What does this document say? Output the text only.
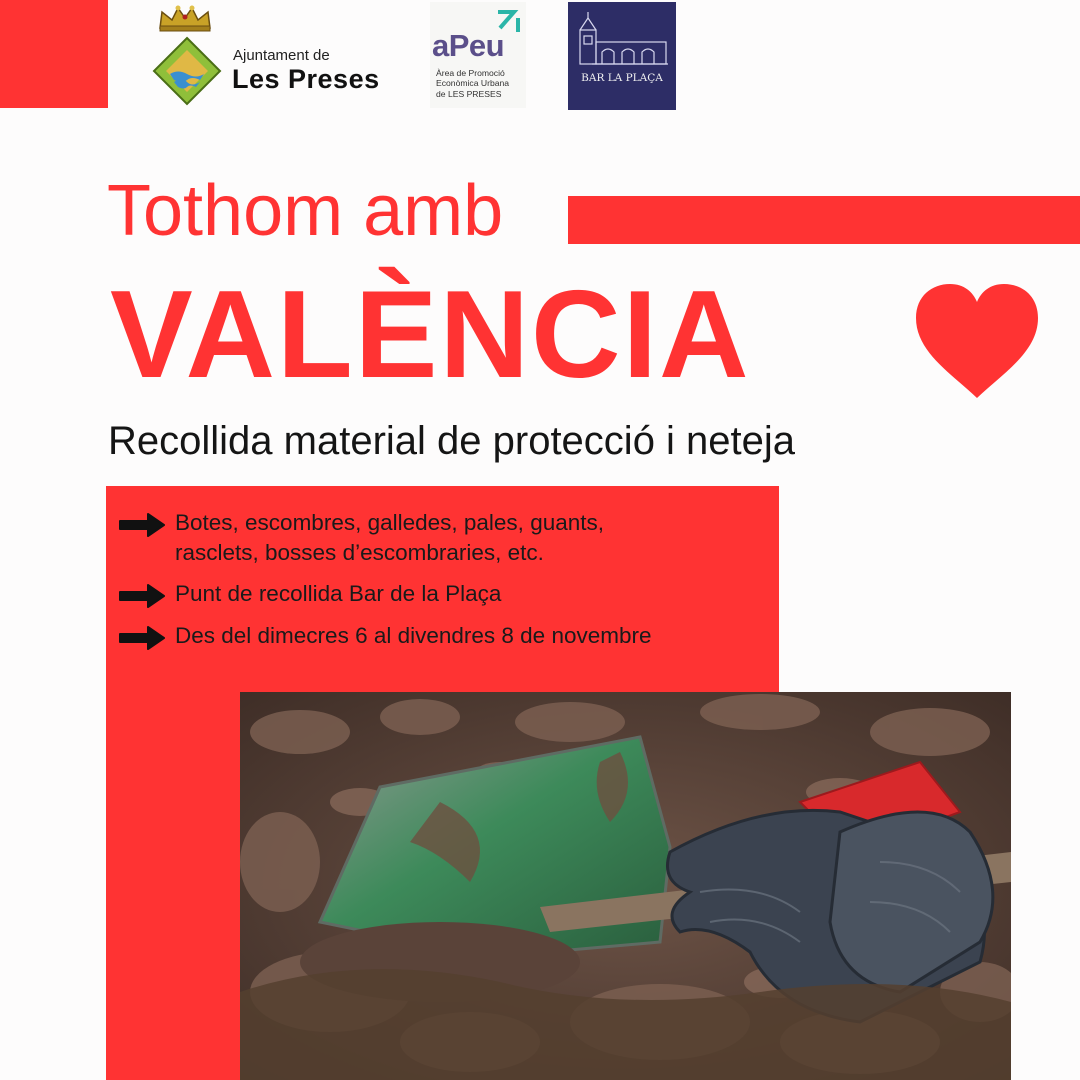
Ajuntament de
Les Preses
aPeu
Àrea de Promoció
Econòmica Urbana
de LES PRESES
BAR LA PLAÇA
Tothom amb
VALÈNCIA
Recollida material de protecció i neteja
Botes, escombres, galledes, pales, guants,
rasclets, bosses d’escombraries, etc.
Punt de recollida Bar de la Plaça
Des del dimecres 6 al divendres 8 de novembre
